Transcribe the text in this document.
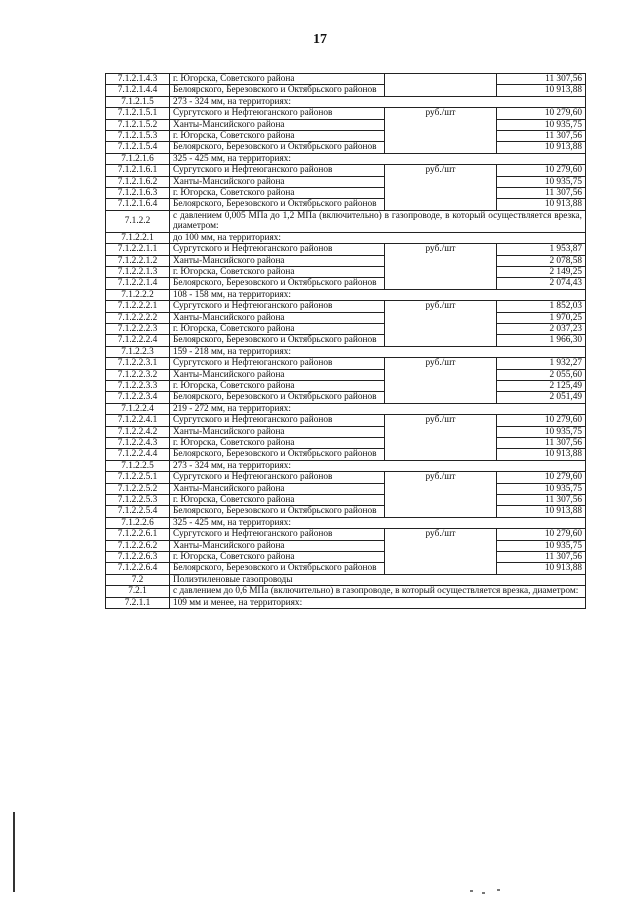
17
7.1.2.1.4.3	г. Югорска, Советского района		11 307,56
7.1.2.1.4.4	Белоярского, Березовского и Октябрьского районов		10 913,88
7.1.2.1.5	273 - 324 мм, на территориях:		
7.1.2.1.5.1	Сургутского и Нефтеюганского районов	руб./шт	10 279,60
7.1.2.1.5.2	Ханты-Мансийского района		10 935,75
7.1.2.1.5.3	г. Югорска, Советского района		11 307,56
7.1.2.1.5.4	Белоярского, Березовского и Октябрьского районов		10 913,88
7.1.2.1.6	325 - 425 мм, на территориях:		
7.1.2.1.6.1	Сургутского и Нефтеюганского районов	руб./шт	10 279,60
7.1.2.1.6.2	Ханты-Мансийского района		10 935,75
7.1.2.1.6.3	г. Югорска, Советского района		11 307,56
7.1.2.1.6.4	Белоярского, Березовского и Октябрьского районов		10 913,88
7.1.2.2	с давлением 0,005 МПа до 1,2 МПа (включительно) в газопроводе, в который осуществляется врезка, диаметром:		
7.1.2.2.1	до 100 мм, на территориях:		
7.1.2.2.1.1	Сургутского и Нефтеюганского районов	руб./шт	1 953,87
7.1.2.2.1.2	Ханты-Мансийского района		2 078,58
7.1.2.2.1.3	г. Югорска, Советского района		2 149,25
7.1.2.2.1.4	Белоярского, Березовского и Октябрьского районов		2 074,43
7.1.2.2.2	108 - 158 мм, на территориях:		
7.1.2.2.2.1	Сургутского и Нефтеюганского районов	руб./шт	1 852,03
7.1.2.2.2.2	Ханты-Мансийского района		1 970,25
7.1.2.2.2.3	г. Югорска, Советского района		2 037,23
7.1.2.2.2.4	Белоярского, Березовского и Октябрьского районов		1 966,30
7.1.2.2.3	159 - 218 мм, на территориях:		
7.1.2.2.3.1	Сургутского и Нефтеюганского районов	руб./шт	1 932,27
7.1.2.2.3.2	Ханты-Мансийского района		2 055,60
7.1.2.2.3.3	г. Югорска, Советского района		2 125,49
7.1.2.2.3.4	Белоярского, Березовского и Октябрьского районов		2 051,49
7.1.2.2.4	219 - 272 мм, на территориях:		
7.1.2.2.4.1	Сургутского и Нефтеюганского районов	руб./шт	10 279,60
7.1.2.2.4.2	Ханты-Мансийского района		10 935,75
7.1.2.2.4.3	г. Югорска, Советского района		11 307,56
7.1.2.2.4.4	Белоярского, Березовского и Октябрьского районов		10 913,88
7.1.2.2.5	273 - 324 мм, на территориях:		
7.1.2.2.5.1	Сургутского и Нефтеюганского районов	руб./шт	10 279,60
7.1.2.2.5.2	Ханты-Мансийского района		10 935,75
7.1.2.2.5.3	г. Югорска, Советского района		11 307,56
7.1.2.2.5.4	Белоярского, Березовского и Октябрьского районов		10 913,88
7.1.2.2.6	325 - 425 мм, на территориях:		
7.1.2.2.6.1	Сургутского и Нефтеюганского районов	руб./шт	10 279,60
7.1.2.2.6.2	Ханты-Мансийского района		10 935,75
7.1.2.2.6.3	г. Югорска, Советского района		11 307,56
7.1.2.2.6.4	Белоярского, Березовского и Октябрьского районов		10 913,88
7.2	Полиэтиленовые газопроводы		
7.2.1	с давлением до 0,6 МПа (включительно) в газопроводе, в который осуществляется врезка, диаметром:		
7.2.1.1	109 мм и менее, на территориях:		
